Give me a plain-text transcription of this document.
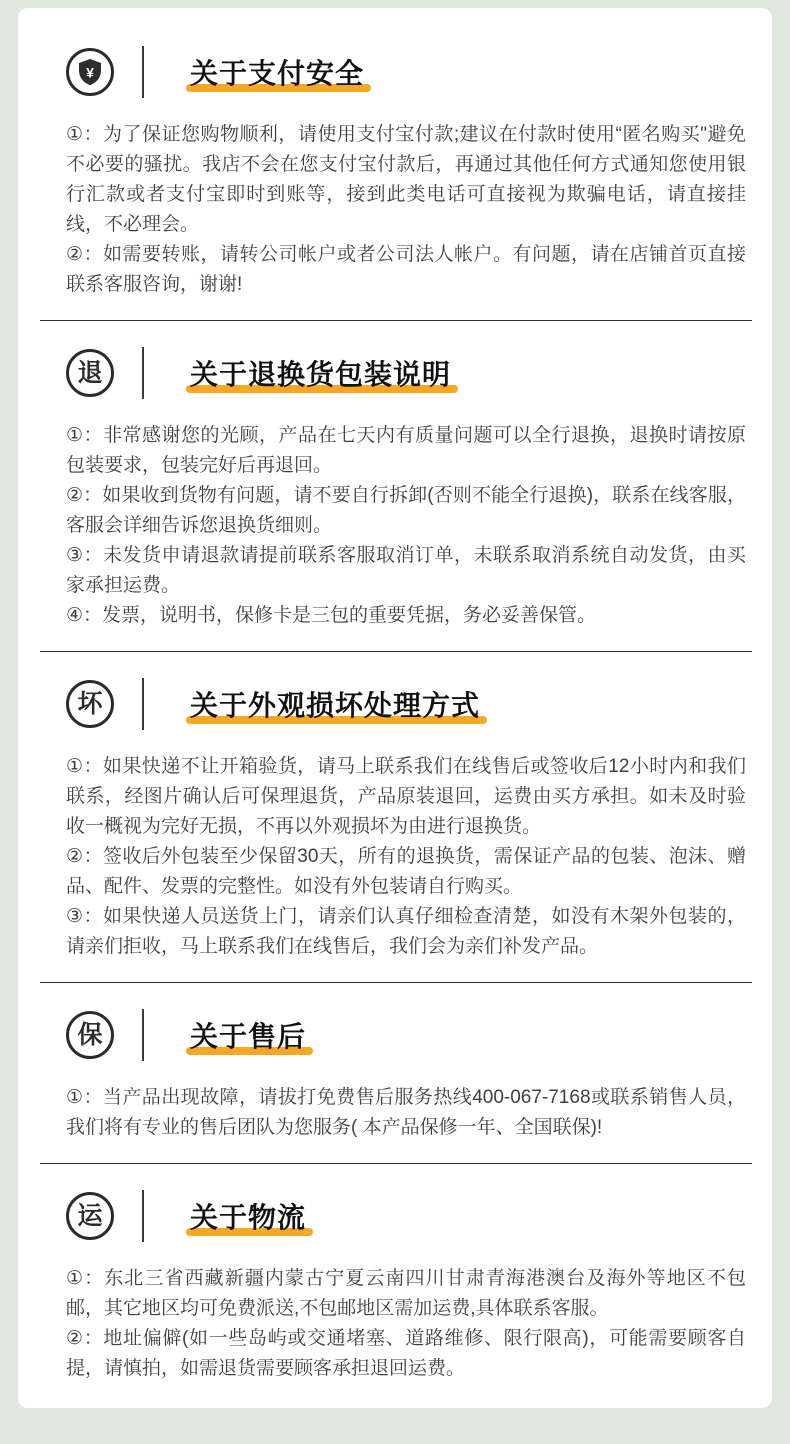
¥	关于支付安全

①：为了保证您购物顺利，请使用支付宝付款;建议在付款时使用“匿名购买"避免不必要的骚扰。我店不会在您支付宝付款后，再通过其他任何方式通知您使用银行汇款或者支付宝即时到账等，接到此类电话可直接视为欺骗电话，请直接挂线，不必理会。

②：如需要转账，请转公司帐户或者公司法人帐户。有问题，请在店铺首页直接联系客服咨询，谢谢!

退	关于退换货包装说明

①：非常感谢您的光顾，产品在七天内有质量问题可以全行退换，退换时请按原包装要求，包装完好后再退回。

②：如果收到货物有问题，请不要自行拆卸(否则不能全行退换)，联系在线客服，客服会详细告诉您退换货细则。

③：未发货申请退款请提前联系客服取消订单，未联系取消系统自动发货，由买家承担运费。

④：发票，说明书，保修卡是三包的重要凭据，务必妥善保管。

坏	关于外观损坏处理方式

①：如果快递不让开箱验货，请马上联系我们在线售后或签收后12小时内和我们联系，经图片确认后可保理退货，产品原装退回，运费由买方承担。如未及时验收一概视为完好无损，不再以外观损坏为由进行退换货。

②：签收后外包装至少保留30天，所有的退换货，需保证产品的包装、泡沫、赠品、配件、发票的完整性。如没有外包装请自行购买。

③：如果快递人员送货上门，请亲们认真仔细检查清楚，如没有木架外包装的，请亲们拒收，马上联系我们在线售后，我们会为亲们补发产品。

保	关于售后

①：当产品出现故障，请拔打免费售后服务热线400-067-7168或联系销售人员，我们将有专业的售后团队为您服务( 本产品保修一年、全国联保)!

运	关于物流

①：东北三省西藏新疆内蒙古宁夏云南四川甘肃青海港澳台及海外等地区不包邮，其它地区均可免费派送,不包邮地区需加运费,具体联系客服。

②：地址偏僻(如一些岛屿或交通堵塞、道路维修、限行限高)，可能需要顾客自提，请慎拍，如需退货需要顾客承担退回运费。
